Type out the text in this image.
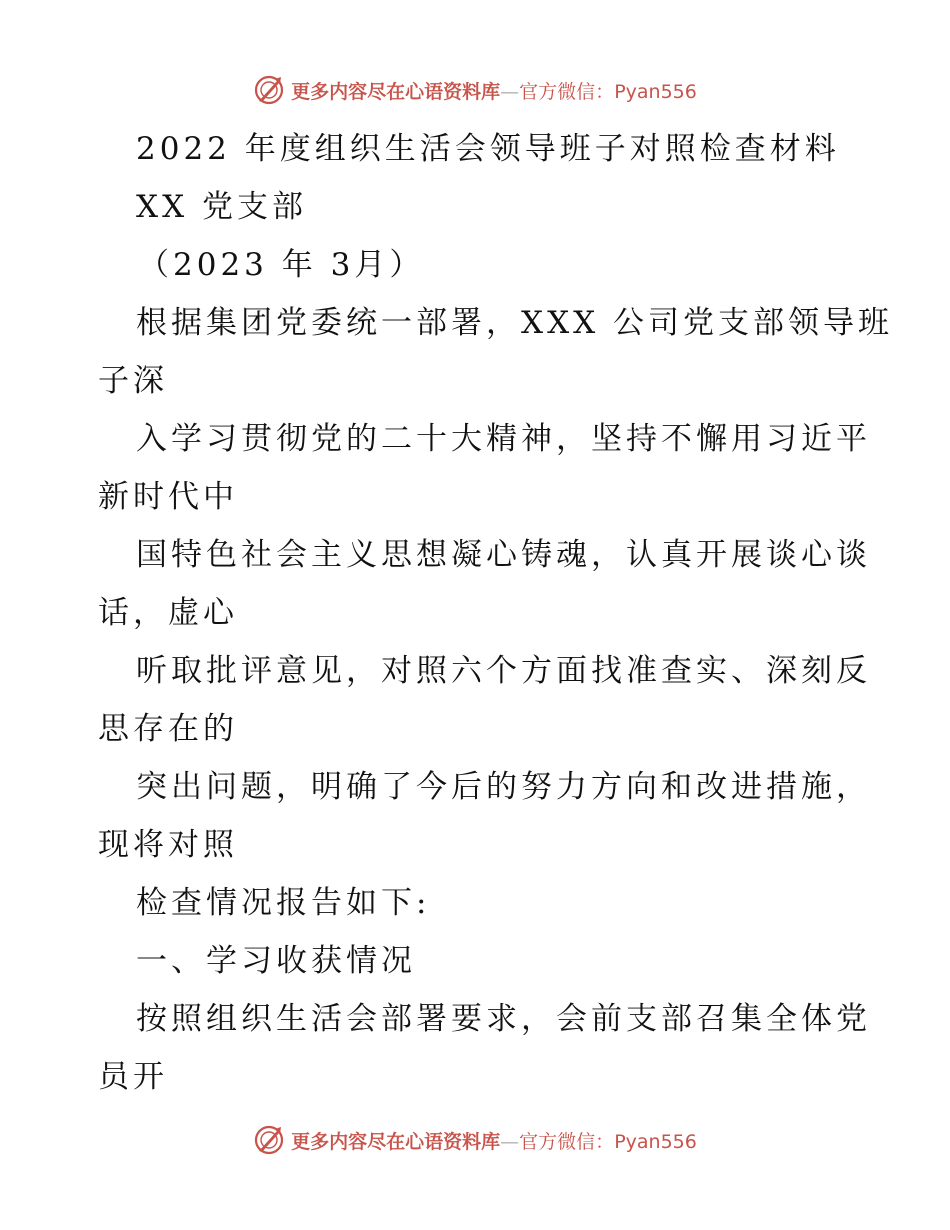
更多内容尽在心语资料库—官方微信：Pyan556
2022 年度组织生活会领导班子对照检查材料
XX 党支部
（2023 年 3月）
根据集团党委统一部署，XXX 公司党支部领导班
子深
入学习贯彻党的二十大精神，坚持不懈用习近平
新时代中
国特色社会主义思想凝心铸魂，认真开展谈心谈
话，虚心
听取批评意见，对照六个方面找准查实、深刻反
思存在的
突出问题，明确了今后的努力方向和改进措施，
现将对照
检查情况报告如下:
一、学习收获情况
按照组织生活会部署要求，会前支部召集全体党
员开
更多内容尽在心语资料库—官方微信：Pyan556
